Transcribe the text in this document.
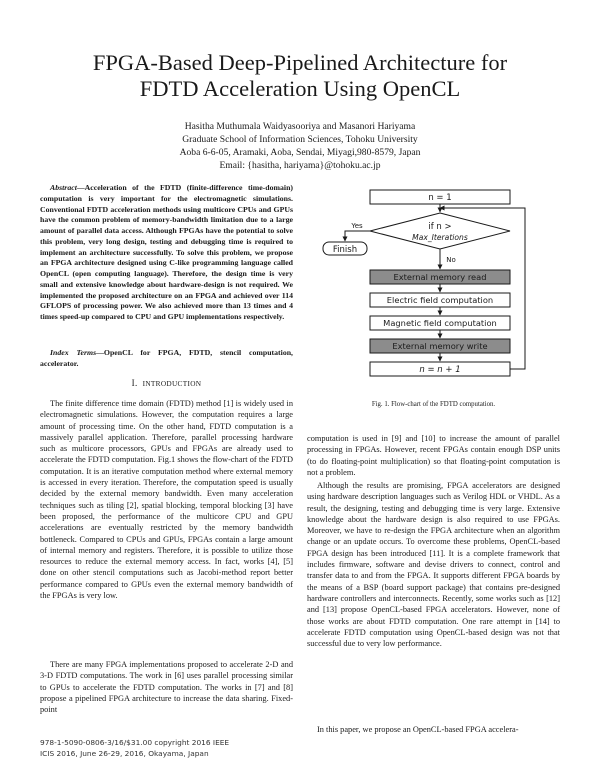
FPGA-Based Deep-Pipelined Architecture for
FDTD Acceleration Using OpenCL
Hasitha Muthumala Waidyasooriya and Masanori Hariyama
Graduate School of Information Sciences, Tohoku University
Aoba 6-6-05, Aramaki, Aoba, Sendai, Miyagi,980-8579, Japan
Email: {hasitha, hariyama}@tohoku.ac.jp
Abstract—Acceleration of the FDTD (finite-difference time-domain) computation is very important for the electromagnetic simulations. Conventional FDTD acceleration methods using multicore CPUs and GPUs have the common problem of memory-bandwidth limitation due to a large amount of parallel data access. Although FPGAs have the potential to solve this problem, very long design, testing and debugging time is required to implement an architecture successfully. To solve this problem, we propose an FPGA architecture designed using C-like programming language called OpenCL (open computing language). Therefore, the design time is very small and extensive knowledge about hardware-design is not required. We implemented the proposed architecture on an FPGA and achieved over 114 GFLOPS of processing power. We also achieved more than 13 times and 4 times speed-up compared to CPU and GPU implementations respectively.
Index Terms—OpenCL for FPGA, FDTD, stencil computation, accelerator.
I. INTRODUCTION

The finite difference time domain (FDTD) method [1] is widely used in electromagnetic simulations. However, the computation requires a large amount of processing time. On the other hand, FDTD computation is a massively parallel application. Therefore, parallel processing hardware such as multicore processors, GPUs and FPGAs are already used to accelerate the FDTD computation. Fig.1 shows the flow-chart of the FDTD computation. It is an iterative computation method where external memory is accessed in every iteration. Therefore, the computation speed is usually decided by the external memory bandwidth. Even many acceleration techniques such as tiling [2], spatial blocking, temporal blocking [3] have been proposed, the performance of the multicore CPU and GPU accelerations are eventually restricted by the memory bandwidth bottleneck. Compared to CPUs and GPUs, FPGAs contain a large amount of internal memory and registers. Therefore, it is possible to utilize those resources to reduce the external memory access. In fact, works [4], [5] done on other stencil computations such as Jacobi-method report better performance compared to GPUs even the external memory bandwidth of the FPGAs is very low.

There are many FPGA implementations proposed to accelerate 2-D and 3-D FDTD computations. The work in [6] uses parallel processing similar to GPUs to accelerate the FDTD computation. The works in [7] and [8] propose a pipelined FPGA architecture to increase the data sharing. Fixed-point

n = 1
if n >
Max_Iterations
Yes
Finish
No
External memory read
Electric field computation
Magnetic field computation
External memory write
n = n + 1
Fig. 1. Flow-chart of the FDTD computation.

computation is used in [9] and [10] to increase the amount of parallel processing in FPGAs. However, recent FPGAs contain enough DSP units (to do floating-point multiplication) so that floating-point computation is not a problem.

Although the results are promising, FPGA accelerators are designed using hardware description languages such as Verilog HDL or VHDL. As a result, the designing, testing and debugging time is very large. Extensive knowledge about the hardware design is also required to use FPGAs. Moreover, we have to re-design the FPGA architecture when an algorithm change or an update occurs. To overcome these problems, OpenCL-based FPGA design has been introduced [11]. It is a complete framework that includes firmware, software and devise drivers to connect, control and transfer data to and from the FPGA. It supports different FPGA boards by the means of a BSP (board support package) that contains pre-designed hardware controllers and interconnects. Recently, some works such as [12] and [13] propose OpenCL-based FPGA accelerators. However, none of those works are about FDTD computation. One rare attempt in [14] to accelerate FDTD computation using OpenCL-based design was not that successful due to very low performance.

In this paper, we propose an OpenCL-based FPGA accelera-

978-1-5090-0806-3/16/$31.00 copyright 2016 IEEE
ICIS 2016, June 26-29, 2016, Okayama, Japan
